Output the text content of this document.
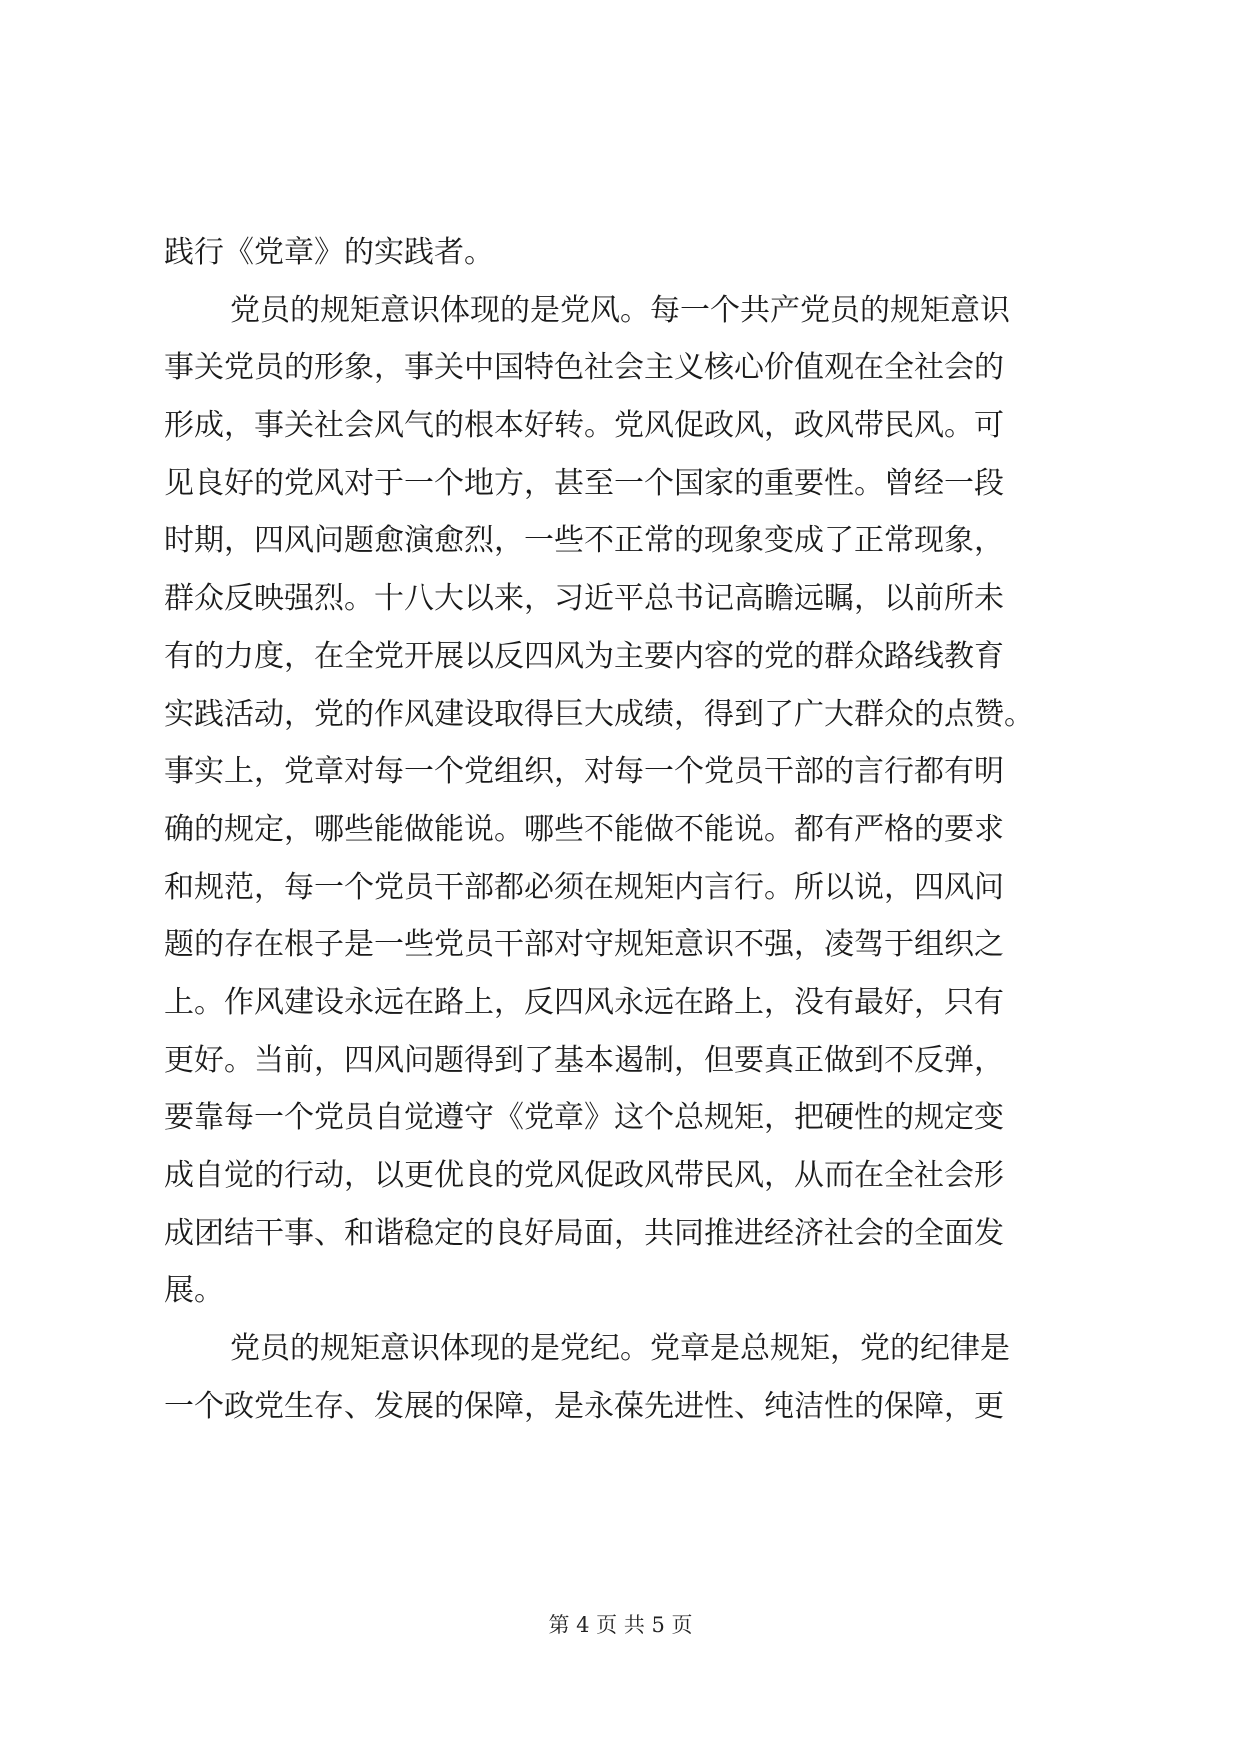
践行《党章》的实践者。
党员的规矩意识体现的是党风。每一个共产党员的规矩意识
事关党员的形象，事关中国特色社会主义核心价值观在全社会的
形成，事关社会风气的根本好转。党风促政风，政风带民风。可
见良好的党风对于一个地方，甚至一个国家的重要性。曾经一段
时期，四风问题愈演愈烈，一些不正常的现象变成了正常现象，
群众反映强烈。十八大以来，习近平总书记高瞻远瞩，以前所未
有的力度，在全党开展以反四风为主要内容的党的群众路线教育
实践活动，党的作风建设取得巨大成绩，得到了广大群众的点赞。
事实上，党章对每一个党组织，对每一个党员干部的言行都有明
确的规定，哪些能做能说。哪些不能做不能说。都有严格的要求
和规范，每一个党员干部都必须在规矩内言行。所以说，四风问
题的存在根子是一些党员干部对守规矩意识不强，凌驾于组织之
上。作风建设永远在路上，反四风永远在路上，没有最好，只有
更好。当前，四风问题得到了基本遏制，但要真正做到不反弹，
要靠每一个党员自觉遵守《党章》这个总规矩，把硬性的规定变
成自觉的行动，以更优良的党风促政风带民风，从而在全社会形
成团结干事、和谐稳定的良好局面，共同推进经济社会的全面发
展。
党员的规矩意识体现的是党纪。党章是总规矩，党的纪律是
一个政党生存、发展的保障，是永葆先进性、纯洁性的保障，更
第 4 页 共 5 页
